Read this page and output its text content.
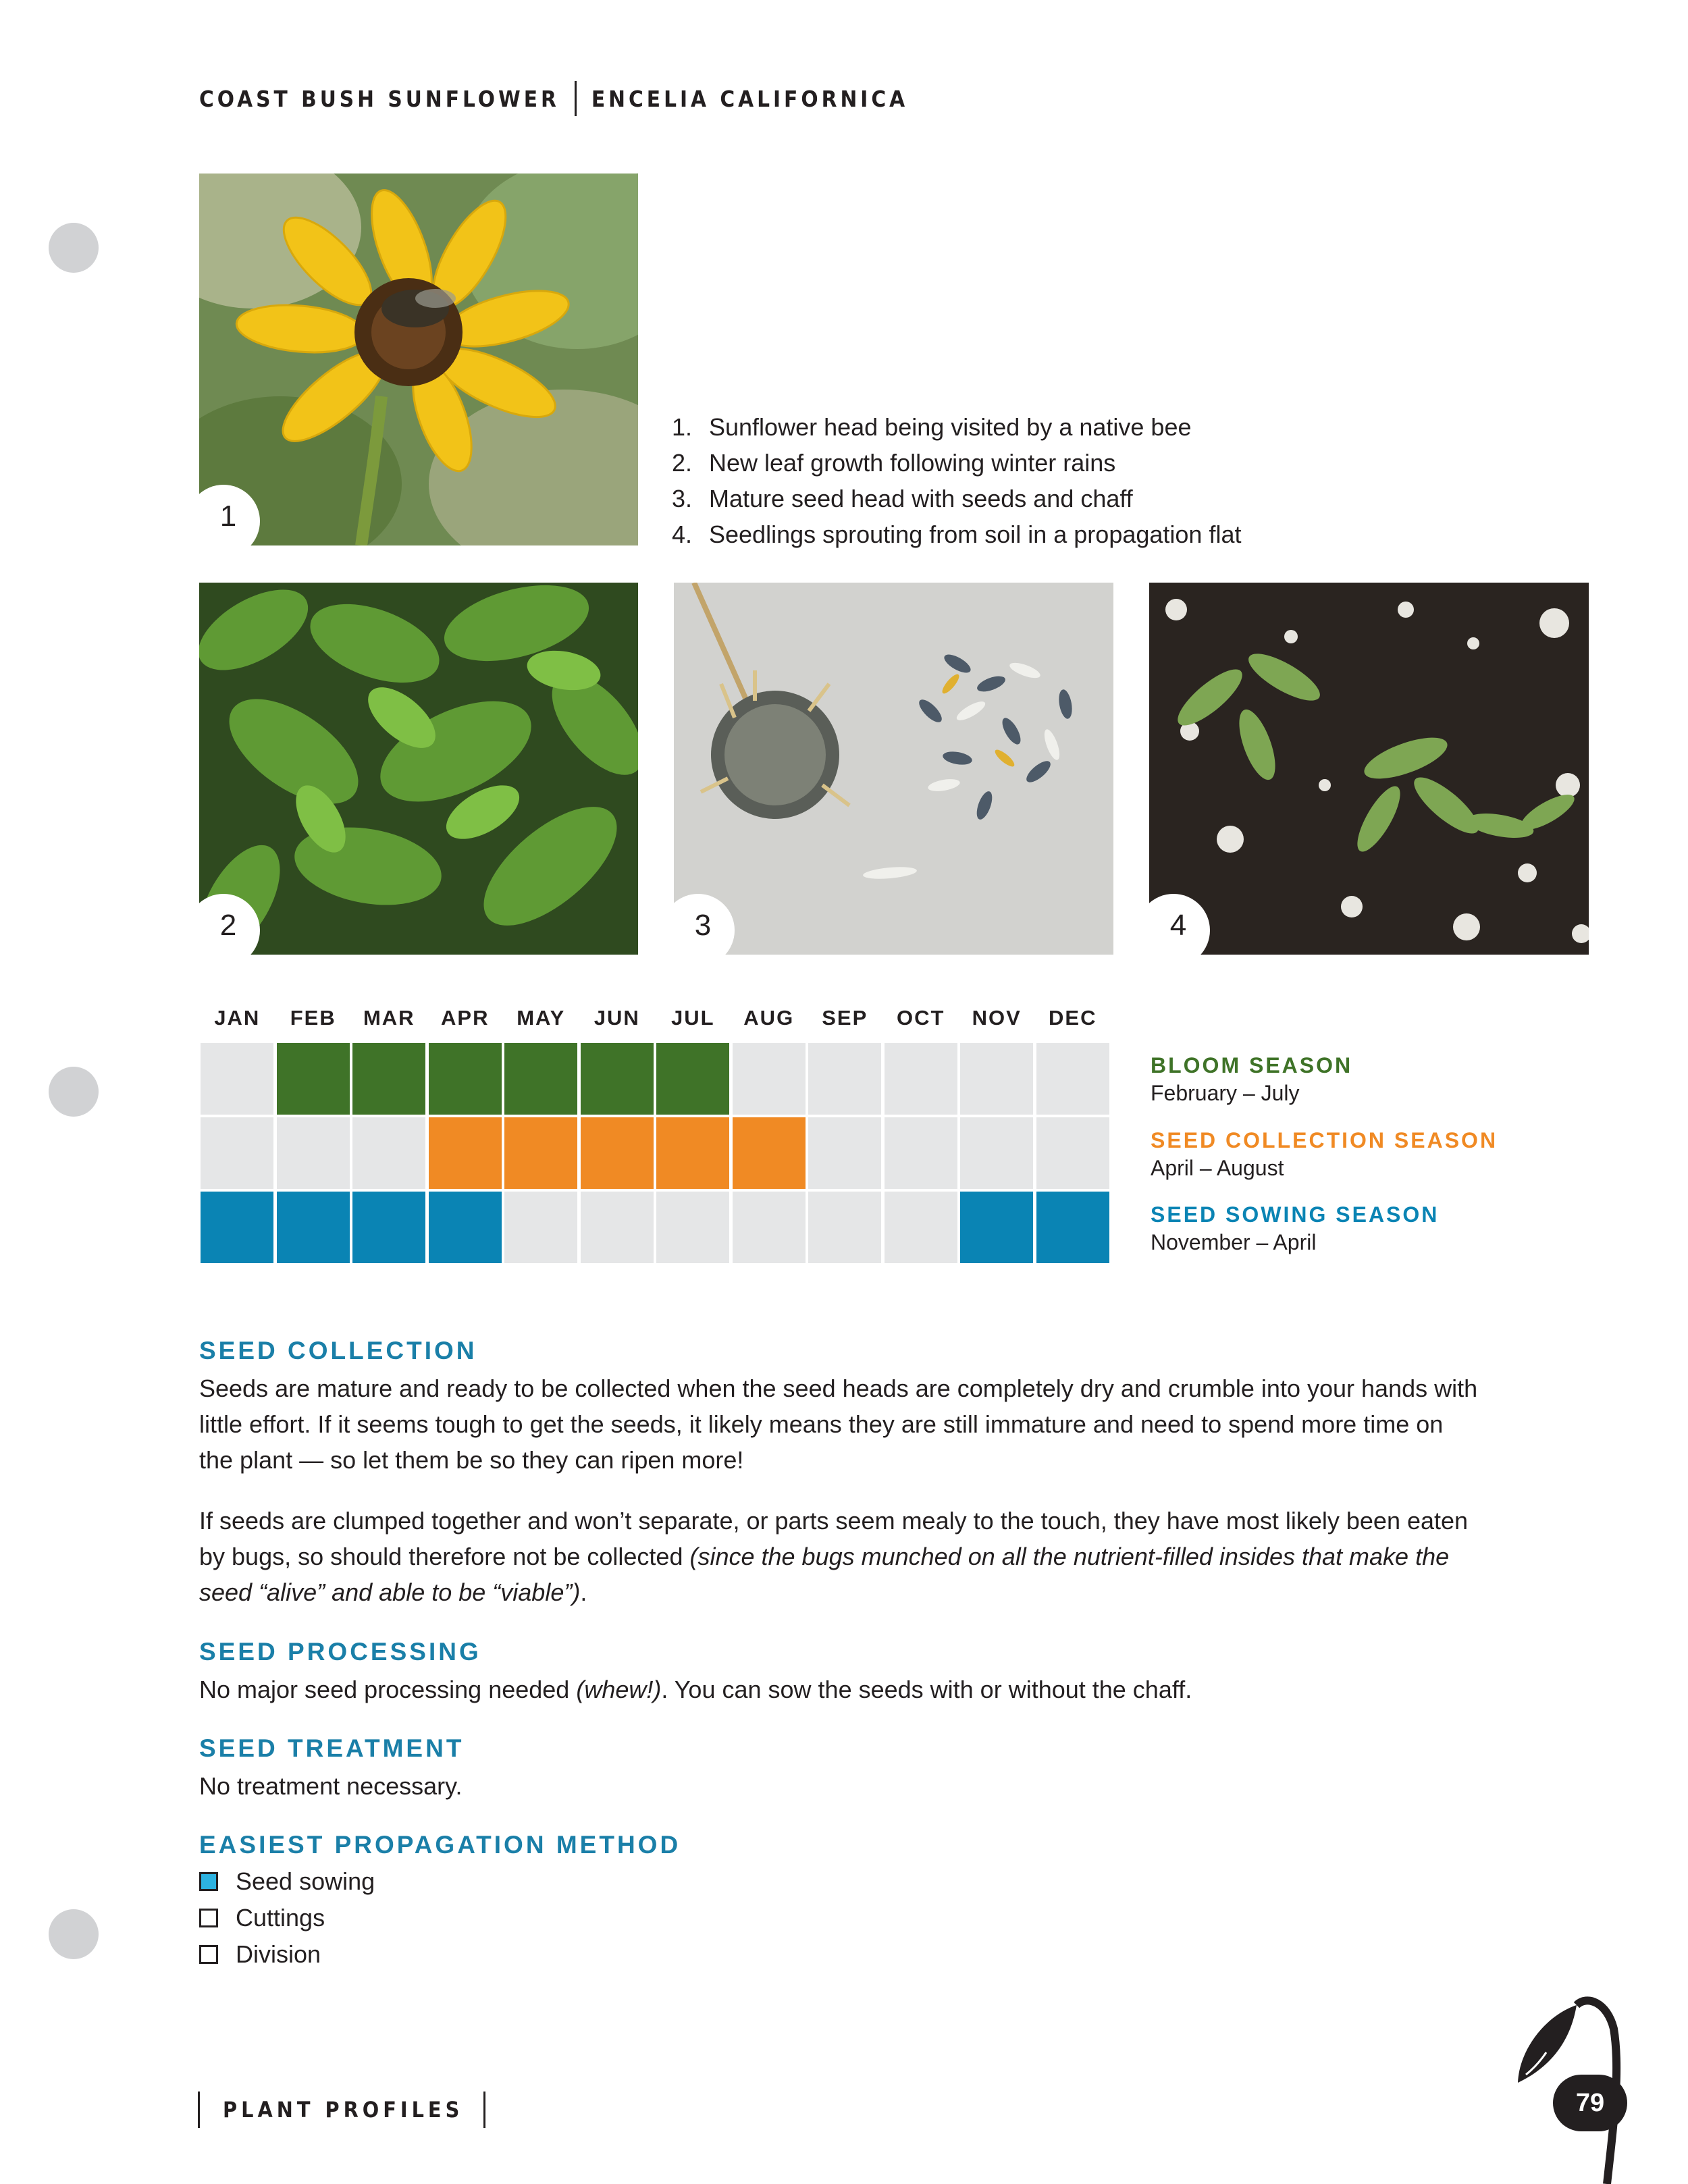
COAST BUSH SUNFLOWER ENCELIA CALIFORNICA
1
1. Sunflower head being visited by a native bee
2. New leaf growth following winter rains
3. Mature seed head with seeds and chaff
4. Seedlings sprouting from soil in a propagation flat
2	3	4
JAN	FEB	MAR	APR	MAY	JUN	JUL	AUG	SEP	OCT	NOV	DEC
BLOOM SEASON
February – July
SEED COLLECTION SEASON
April – August
SEED SOWING SEASON
November – April
SEED COLLECTION
Seeds are mature and ready to be collected when the seed heads are completely dry and crumble into your hands with little effort. If it seems tough to get the seeds, it likely means they are still immature and need to spend more time on the plant — so let them be so they can ripen more!
If seeds are clumped together and won’t separate, or parts seem mealy to the touch, they have most likely been eaten by bugs, so should therefore not be collected (since the bugs munched on all the nutrient-filled insides that make the seed “alive” and able to be “viable”).
SEED PROCESSING
No major seed processing needed (whew!). You can sow the seeds with or without the chaff.
SEED TREATMENT
No treatment necessary.
EASIEST PROPAGATION METHOD
Seed sowing
Cuttings
Division
PLANT PROFILES	79
